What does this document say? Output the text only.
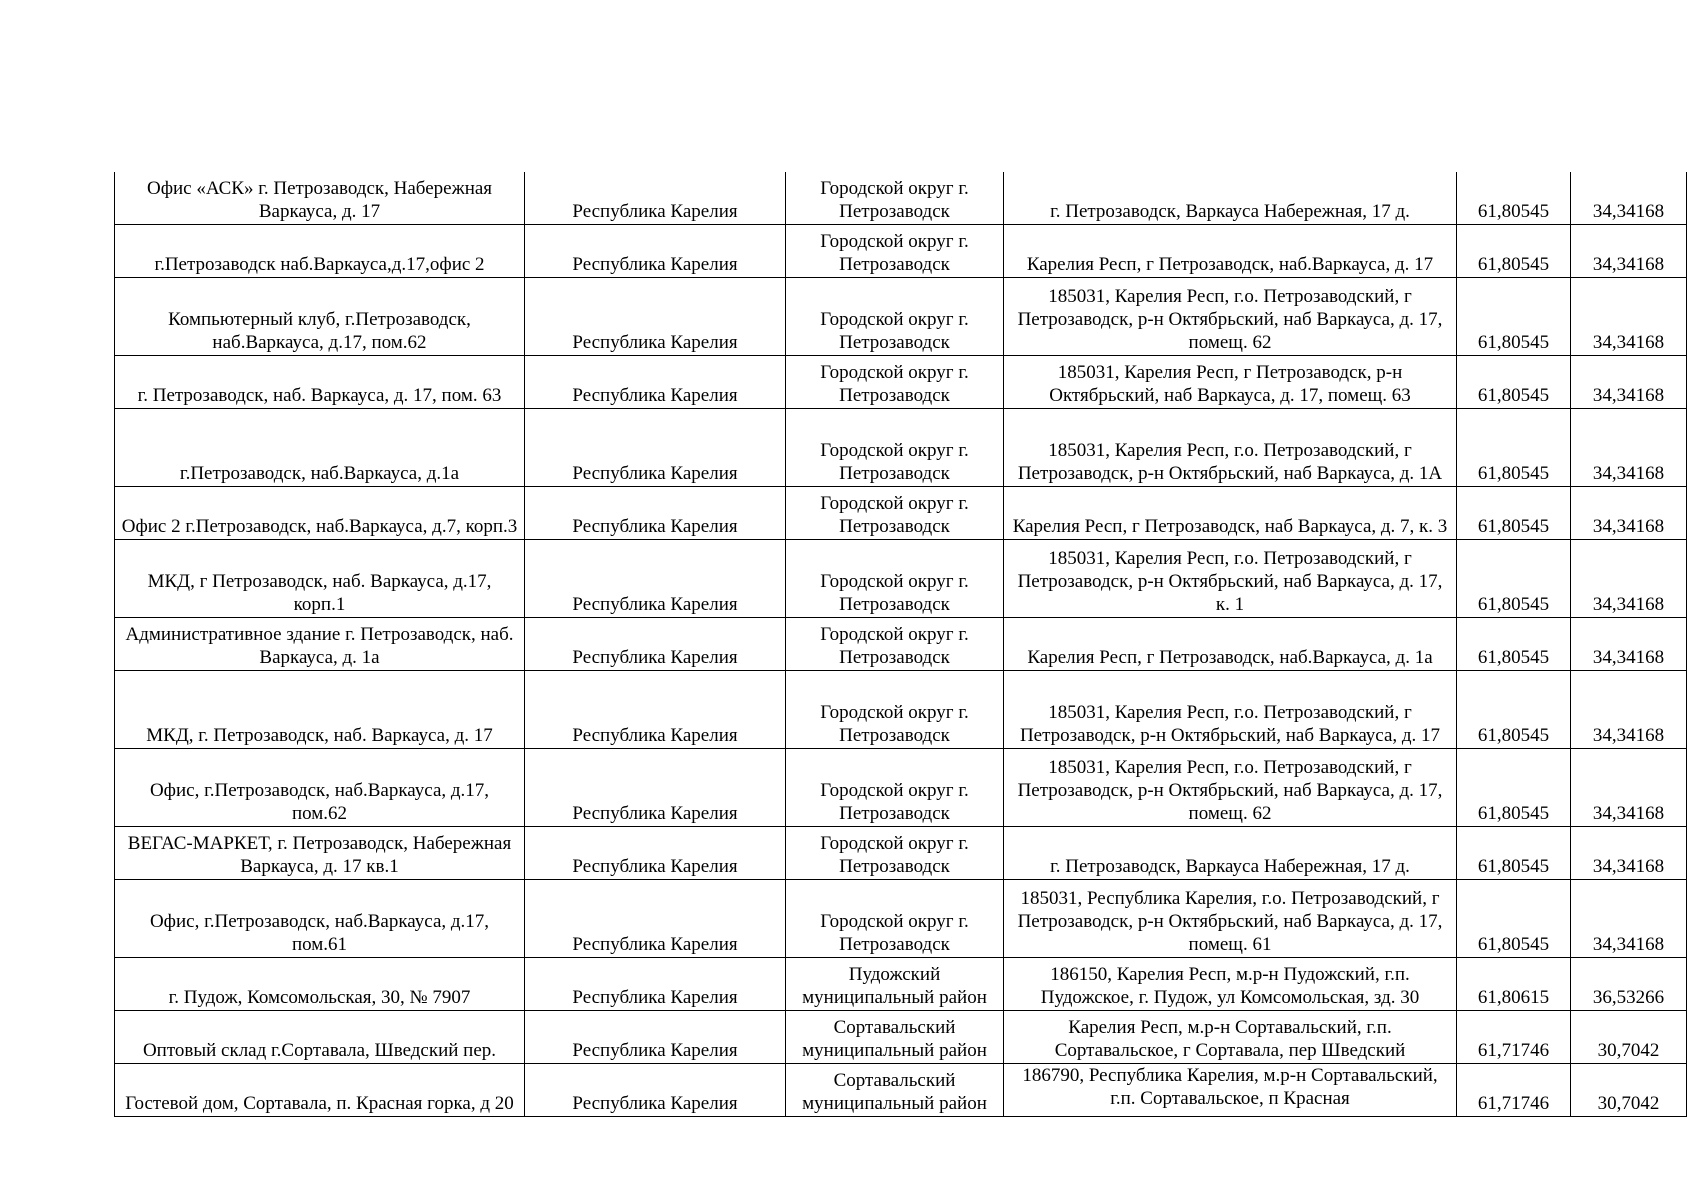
Офис «АСК» г. Петрозаводск, Набережная Варкауса, д. 17	Республика Карелия	Городской округ г. Петрозаводск	г. Петрозаводск, Варкауса Набережная, 17 д.	61,80545	34,34168
г.Петрозаводск наб.Варкауса,д.17,офис 2	Республика Карелия	Городской округ г. Петрозаводск	Карелия Респ, г Петрозаводск, наб.Варкауса, д. 17	61,80545	34,34168
Компьютерный клуб, г.Петрозаводск, наб.Варкауса, д.17, пом.62	Республика Карелия	Городской округ г. Петрозаводск	185031, Карелия Респ, г.о. Петрозаводский, г Петрозаводск, р-н Октябрьский, наб Варкауса, д. 17, помещ. 62	61,80545	34,34168
г. Петрозаводск, наб. Варкауса, д. 17, пом. 63	Республика Карелия	Городской округ г. Петрозаводск	185031, Карелия Респ, г Петрозаводск, р-н Октябрьский, наб Варкауса, д. 17, помещ. 63	61,80545	34,34168
г.Петрозаводск, наб.Варкауса, д.1а	Республика Карелия	Городской округ г. Петрозаводск	185031, Карелия Респ, г.о. Петрозаводский, г Петрозаводск, р-н Октябрьский, наб Варкауса, д. 1А	61,80545	34,34168
Офис 2 г.Петрозаводск, наб.Варкауса, д.7, корп.3	Республика Карелия	Городской округ г. Петрозаводск	Карелия Респ, г Петрозаводск, наб Варкауса, д. 7, к. 3	61,80545	34,34168
МКД, г Петрозаводск, наб. Варкауса, д.17, корп.1	Республика Карелия	Городской округ г. Петрозаводск	185031, Карелия Респ, г.о. Петрозаводский, г Петрозаводск, р-н Октябрьский, наб Варкауса, д. 17, к. 1	61,80545	34,34168
Административное здание г. Петрозаводск, наб. Варкауса, д. 1а	Республика Карелия	Городской округ г. Петрозаводск	Карелия Респ, г Петрозаводск, наб.Варкауса, д. 1а	61,80545	34,34168
МКД, г. Петрозаводск, наб. Варкауса, д. 17	Республика Карелия	Городской округ г. Петрозаводск	185031, Карелия Респ, г.о. Петрозаводский, г Петрозаводск, р-н Октябрьский, наб Варкауса, д. 17	61,80545	34,34168
Офис, г.Петрозаводск, наб.Варкауса, д.17, пом.62	Республика Карелия	Городской округ г. Петрозаводск	185031, Карелия Респ, г.о. Петрозаводский, г Петрозаводск, р-н Октябрьский, наб Варкауса, д. 17, помещ. 62	61,80545	34,34168
ВЕГАС-МАРКЕТ, г. Петрозаводск, Набережная Варкауса, д. 17 кв.1	Республика Карелия	Городской округ г. Петрозаводск	г. Петрозаводск, Варкауса Набережная, 17 д.	61,80545	34,34168
Офис, г.Петрозаводск, наб.Варкауса, д.17, пом.61	Республика Карелия	Городской округ г. Петрозаводск	185031, Республика Карелия, г.о. Петрозаводский, г Петрозаводск, р-н Октябрьский, наб Варкауса, д. 17, помещ. 61	61,80545	34,34168
г. Пудож, Комсомольская, 30, № 7907	Республика Карелия	Пудожский муниципальный район	186150, Карелия Респ, м.р-н Пудожский, г.п. Пудожское, г. Пудож, ул Комсомольская, зд. 30	61,80615	36,53266
Оптовый склад г.Сортавала, Шведский пер.	Республика Карелия	Сортавальский муниципальный район	Карелия Респ, м.р-н Сортавальский, г.п. Сортавальское, г Сортавала, пер Шведский	61,71746	30,7042
Гостевой дом, Сортавала, п. Красная горка, д 20	Республика Карелия	Сортавальский муниципальный район	186790, Республика Карелия, м.р-н Сортавальский, г.п. Сортавальское, п Красная	61,71746	30,7042
